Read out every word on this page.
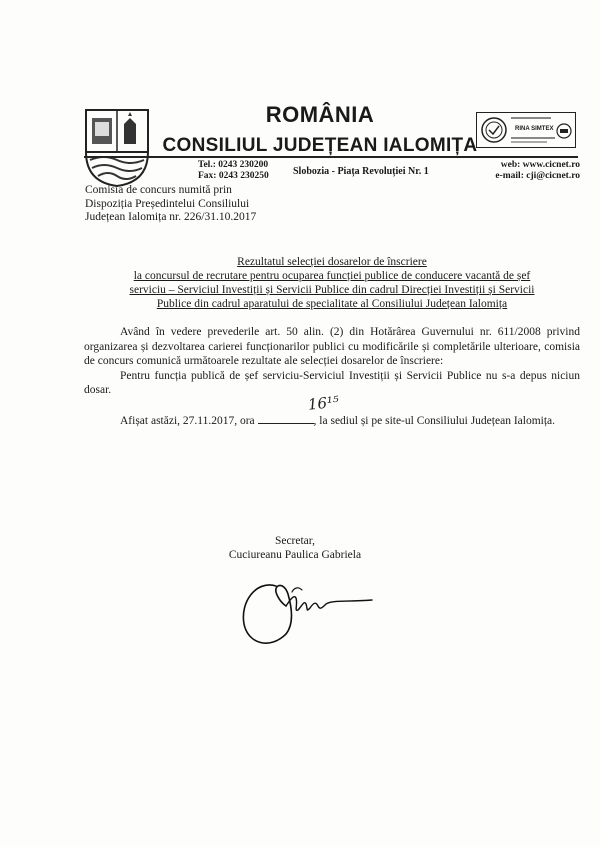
ROMÂNIA
CONSILIUL JUDEȚEAN IALOMIȚA
RINA SIMTEX
Tel.: 0243 230200
Fax: 0243 230250 Slobozia - Piața Revoluției Nr. 1
web: www.cicnet.ro
e-mail: cji@cicnet.ro
Comisia de concurs numită prin
Dispoziția Președintelui Consiliului
Județean Ialomița nr. 226/31.10.2017
Rezultatul selecției dosarelor de înscriere
la concursul de recrutare pentru ocuparea funcției publice de conducere vacantă de șef
serviciu – Serviciul Investiții și Servicii Publice din cadrul Direcției Investiții și Servicii
Publice din cadrul aparatului de specialitate al Consiliului Județean Ialomița

Având în vedere prevederile art. 50 alin. (2) din Hotărârea Guvernului nr. 611/2008 privind organizarea și dezvoltarea carierei funcționarilor publici cu modificările și completările ulterioare, comisia de concurs comunică următoarele rezultate ale selecției dosarelor de înscriere:

Pentru funcția publică de șef serviciu-Serviciul Investiții și Servicii Publice nu s-a depus niciun dosar.

Afișat astăzi, 27.11.2017, ora
16¹⁵
, la sediul și pe site-ul Consiliului Județean Ialomița.

Secretar,
Cuciureanu Paulica Gabriela
